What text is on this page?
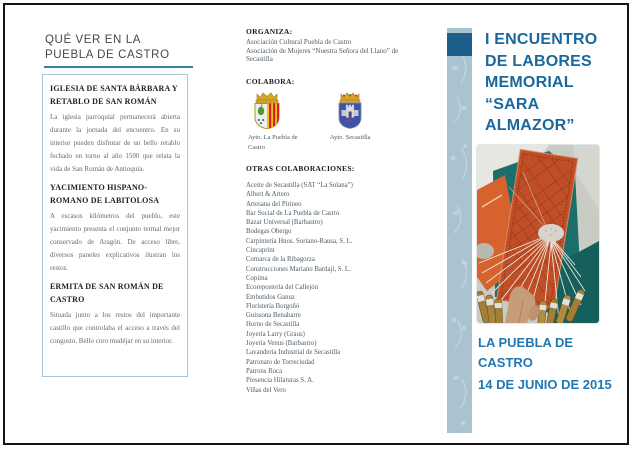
QUÉ VER EN LA
PUEBLA DE CASTRO
IGLESIA DE SANTA BÁRBARA Y RETABLO DE SAN ROMÁN

La iglesia parroquial permanecerá abierta durante la jornada del encuentro. En su interior pueden disfrutar de un bello retablo fechado en torno al año 1500 que relata la vida de San Román de Antioquía.

YACIMIENTO HISPANO-ROMANO DE LABITOLOSA

A escasos kilómetros del pueblo, este yacimiento presenta el conjunto termal mejor conservado de Aragón. De acceso libre, diversos paneles explicativos ilustran los restos.

ERMITA DE SAN ROMÁN DE CASTRO

Situada junto a los restos del importante castillo que controlaba el acceso a través del congosto. Bello coro mudéjar en su interior.

ORGANIZA:
Asociación Cultural Puebla de Castro
Asociación de Mujeres “Nuestra Señora del Llano” de Secastilla
COLABORA:
Ayto. La Puebla de Castro
Ayto. Secastilla
OTRAS COLABORACIONES:
Aceite de Secastilla (SAT “La Solana”)
Albert & Artero
Artesana del Pirineo
Bar Social de La Puebla de Castro
Bazar Universal (Barbastro)
Bodegas Obergo
Carpintería Hnos. Soriano-Rausa, S. L.
Cincaprint
Comarca de la Ribagorza
Construcciones Mariano Bardají, S. L.
Copima
Ecorepostería del Callejón
Embutidos Ganuz
Floristería Borgoñó
Guissona Benabarre
Horno de Secastilla
Joyería Larry (Graus)
Joyería Venus (Barbastro)
Lavandería Industrial de Secastilla
Patronato de Torreciudad
Patrons Roca
Presencia Hilaturas S. A.
Viñas del Vero
I ENCUENTRO
DE LABORES
MEMORIAL
“SARA
ALMAZOR”
LA PUEBLA DE
CASTRO
14 DE JUNIO DE 2015
